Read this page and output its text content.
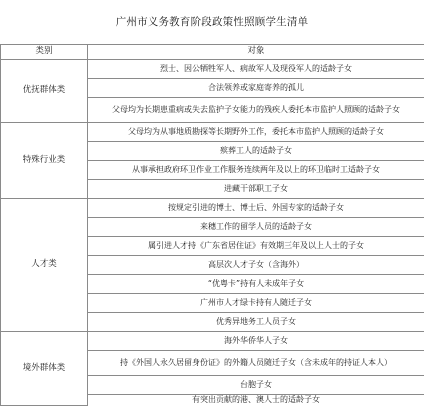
广州市义务教育阶段政策性照顾学生清单
类别	对象
优抚群体类	烈士、因公牺牲军人、病故军人及现役军人的适龄子女
	合法领养或家庭寄养的孤儿
	父母均为长期患重病或失去监护子女能力的残疾人委托本市监护人照顾的适龄子女
特殊行业类	父母均为从事地质勘探等长期野外工作，委托本市监护人照顾的适龄子女
	殡葬工人的适龄子女
	从事承担政府环卫作业工作服务连续两年及以上的环卫临时工适龄子女
	进藏干部职工子女
人才类	按规定引进的博士、博士后、外国专家的适龄子女
	来穗工作的留学人员的适龄子女
	属引进人才持《广东省居住证》有效期三年及以上人士的子女
	高层次人才子女（含海外）
	“优粤卡”持有人未成年子女
	广州市人才绿卡持有人随迁子女
	优秀异地务工人员子女
境外群体类	海外华侨华人子女
	持《外国人永久居留身份证》的外籍人员随迁子女（含未成年的持证人本人）
	台胞子女
	有突出贡献的港、澳人士的适龄子女
